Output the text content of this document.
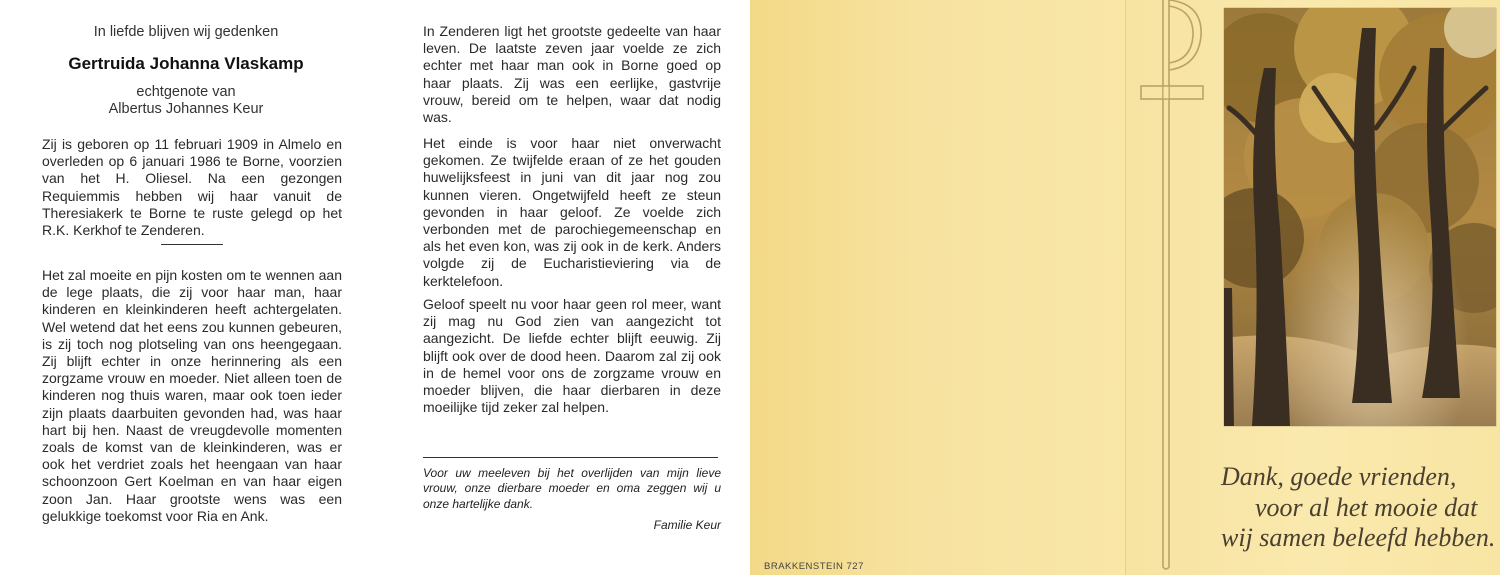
In liefde blijven wij gedenken
Gertruida Johanna Vlaskamp
echtgenote van
Albertus Johannes Keur

Zij is geboren op 11 februari 1909 in Almelo en overleden op 6 januari 1986 te Borne, voorzien van het H. Oliesel. Na een gezongen Requiemmis hebben wij haar vanuit de Theresiakerk te Borne te ruste gelegd op het R.K. Kerkhof te Zenderen.

Het zal moeite en pijn kosten om te wennen aan de lege plaats, die zij voor haar man, haar kinderen en kleinkinderen heeft achtergelaten. Wel wetend dat het eens zou kunnen gebeuren, is zij toch nog plotseling van ons heengegaan. Zij blijft echter in onze herinnering als een zorgzame vrouw en moeder. Niet alleen toen de kinderen nog thuis waren, maar ook toen ieder zijn plaats daarbuiten gevonden had, was haar hart bij hen. Naast de vreugdevolle momenten zoals de komst van de kleinkinderen, was er ook het verdriet zoals het heengaan van haar schoonzoon Gert Koelman en van haar eigen zoon Jan. Haar grootste wens was een gelukkige toekomst voor Ria en Ank.

In Zenderen ligt het grootste gedeelte van haar leven. De laatste zeven jaar voelde ze zich echter met haar man ook in Borne goed op haar plaats. Zij was een eerlijke, gastvrije vrouw, bereid om te helpen, waar dat nodig was.

Het einde is voor haar niet onverwacht gekomen. Ze twijfelde eraan of ze het gouden huwelijksfeest in juni van dit jaar nog zou kunnen vieren. Ongetwijfeld heeft ze steun gevonden in haar geloof. Ze voelde zich verbonden met de parochiegemeenschap en als het even kon, was zij ook in de kerk. Anders volgde zij de Eucharistieviering via de kerktelefoon.

Geloof speelt nu voor haar geen rol meer, want zij mag nu God zien van aangezicht tot aangezicht. De liefde echter blijft eeuwig. Zij blijft ook over de dood heen. Daarom zal zij ook in de hemel voor ons de zorgzame vrouw en moeder blijven, die haar dierbaren in deze moeilijke tijd zeker zal helpen.

Voor uw meeleven bij het overlijden van mijn lieve vrouw, onze dierbare moeder en oma zeggen wij u onze hartelijke dank.

Familie Keur

BRAKKENSTEIN 727

Dank, goede vrienden,

voor al het mooie dat

wij samen beleefd hebben.
